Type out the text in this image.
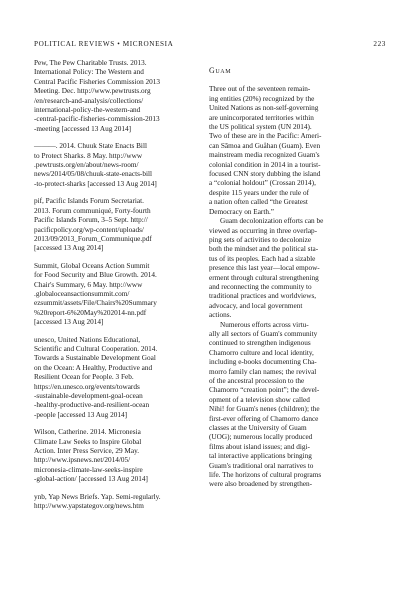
POLITICAL REVIEWS • MICRONESIA	223
Pew, The Pew Charitable Trusts. 2013.
International Policy: The Western and
Central Pacific Fisheries Commission 2013
Meeting. Dec. http://www.pewtrusts.org
/en/research-and-analysis/collections/
international-policy-the-western-and
-central-pacific-fisheries-commission-2013
-meeting [accessed 13 Aug 2014]
———. 2014. Chuuk State Enacts Bill
to Protect Sharks. 8 May. http://www
.pewtrusts.org/en/about/news-room/
news/2014/05/08/chuuk-state-enacts-bill
-to-protect-sharks [accessed 13 Aug 2014]
pif, Pacific Islands Forum Secretariat.
2013. Forum communiqué, Forty-fourth
Pacific Islands Forum, 3–5 Sept. http://
pacificpolicy.org/wp-content/uploads/
2013/09/2013_Forum_Communique.pdf
[accessed 13 Aug 2014]
Summit, Global Oceans Action Summit
for Food Security and Blue Growth. 2014.
Chair's Summary, 6 May. http://www
.globaloceansactionsummit.com/
ezsummit/assets/File/Chairs%20Summary
%20report-6%20May%202014-nn.pdf
[accessed 13 Aug 2014]
unesco, United Nations Educational,
Scientific and Cultural Cooperation. 2014.
Towards a Sustainable Development Goal
on the Ocean: A Healthy, Productive and
Resilient Ocean for People. 3 Feb.
https://en.unesco.org/events/towards
-sustainable-development-goal-ocean
-healthy-productive-and-resilient-ocean
-people [accessed 13 Aug 2014]
Wilson, Catherine. 2014. Micronesia
Climate Law Seeks to Inspire Global
Action. Inter Press Service, 29 May.
http://www.ipsnews.net/2014/05/
micronesia-climate-law-seeks-inspire
-global-action/ [accessed 13 Aug 2014]
ynb, Yap News Briefs. Yap. Semi-regularly.
http://www.yapstategov.org/news.htm
Guam
Three out of the seventeen remain-
ing entities (20%) recognized by the
United Nations as non-self-governing
are unincorporated territories within
the US political system (UN 2014).
Two of these are in the Pacific: Ameri-
can Sāmoa and Guåhan (Guam). Even
mainstream media recognized Guam's
colonial condition in 2014 in a tourist-
focused CNN story dubbing the island
a “colonial holdout” (Crossan 2014),
despite 115 years under the rule of
a nation often called “the Greatest
Democracy on Earth.”
Guam decolonization efforts can be
viewed as occurring in three overlap-
ping sets of activities to decolonize
both the mindset and the political sta-
tus of its peoples. Each had a sizable
presence this last year—local empow-
erment through cultural strengthening
and reconnecting the community to
traditional practices and worldviews,
advocacy, and local government
actions.
Numerous efforts across virtu-
ally all sectors of Guam's community
continued to strengthen indigenous
Chamorro culture and local identity,
including e-books documenting Cha-
morro family clan names; the revival
of the ancestral procession to the
Chamorro “creation point”; the devel-
opment of a television show called
Nihi! for Guam's nenes (children); the
first-ever offering of Chamorro dance
classes at the University of Guam
(UOG); numerous locally produced
films about island issues; and digi-
tal interactive applications bringing
Guam's traditional oral narratives to
life. The horizons of cultural programs
were also broadened by strengthen-
